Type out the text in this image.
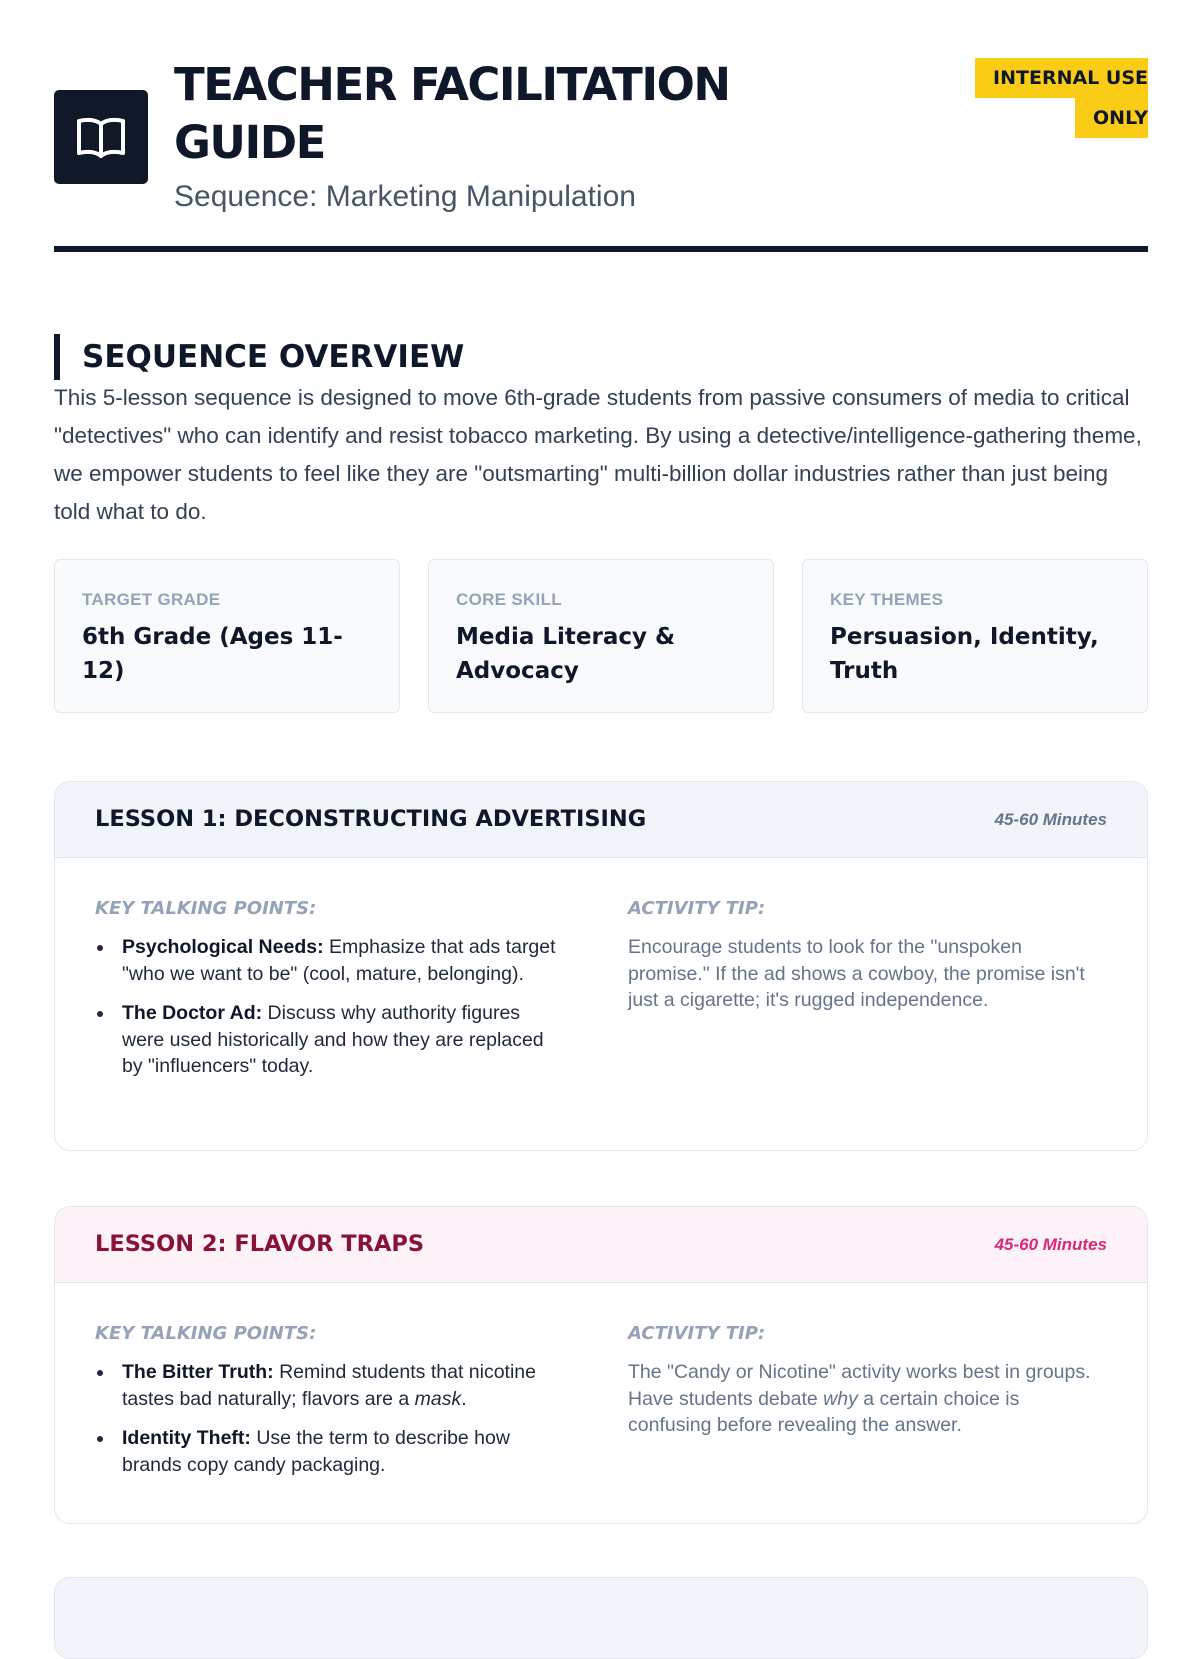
TEACHER FACILITATION GUIDE

Sequence: Marketing Manipulation

INTERNAL USE ONLY
SEQUENCE OVERVIEW

This 5-lesson sequence is designed to move 6th-grade students from passive consumers of media to critical "detectives" who can identify and resist tobacco marketing. By using a detective/intelligence-gathering theme, we empower students to feel like they are "outsmarting" multi-billion dollar industries rather than just being told what to do.

TARGET GRADE
6th Grade (Ages 11-12)
CORE SKILL
Media Literacy & Advocacy
KEY THEMES
Persuasion, Identity, Truth
LESSON 1: DECONSTRUCTING ADVERTISING	45-60 Minutes
KEY TALKING POINTS:	ACTIVITY TIP:
Psychological Needs: Emphasize that ads target "who we want to be" (cool, mature, belonging).
The Doctor Ad: Discuss why authority figures were used historically and how they are replaced by "influencers" today.

Encourage students to look for the "unspoken promise." If the ad shows a cowboy, the promise isn't just a cigarette; it's rugged independence.

LESSON 2: FLAVOR TRAPS	45-60 Minutes
KEY TALKING POINTS:	ACTIVITY TIP:
The Bitter Truth: Remind students that nicotine tastes bad naturally; flavors are a mask.
Identity Theft: Use the term to describe how brands copy candy packaging.

The "Candy or Nicotine" activity works best in groups. Have students debate why a certain choice is confusing before revealing the answer.
